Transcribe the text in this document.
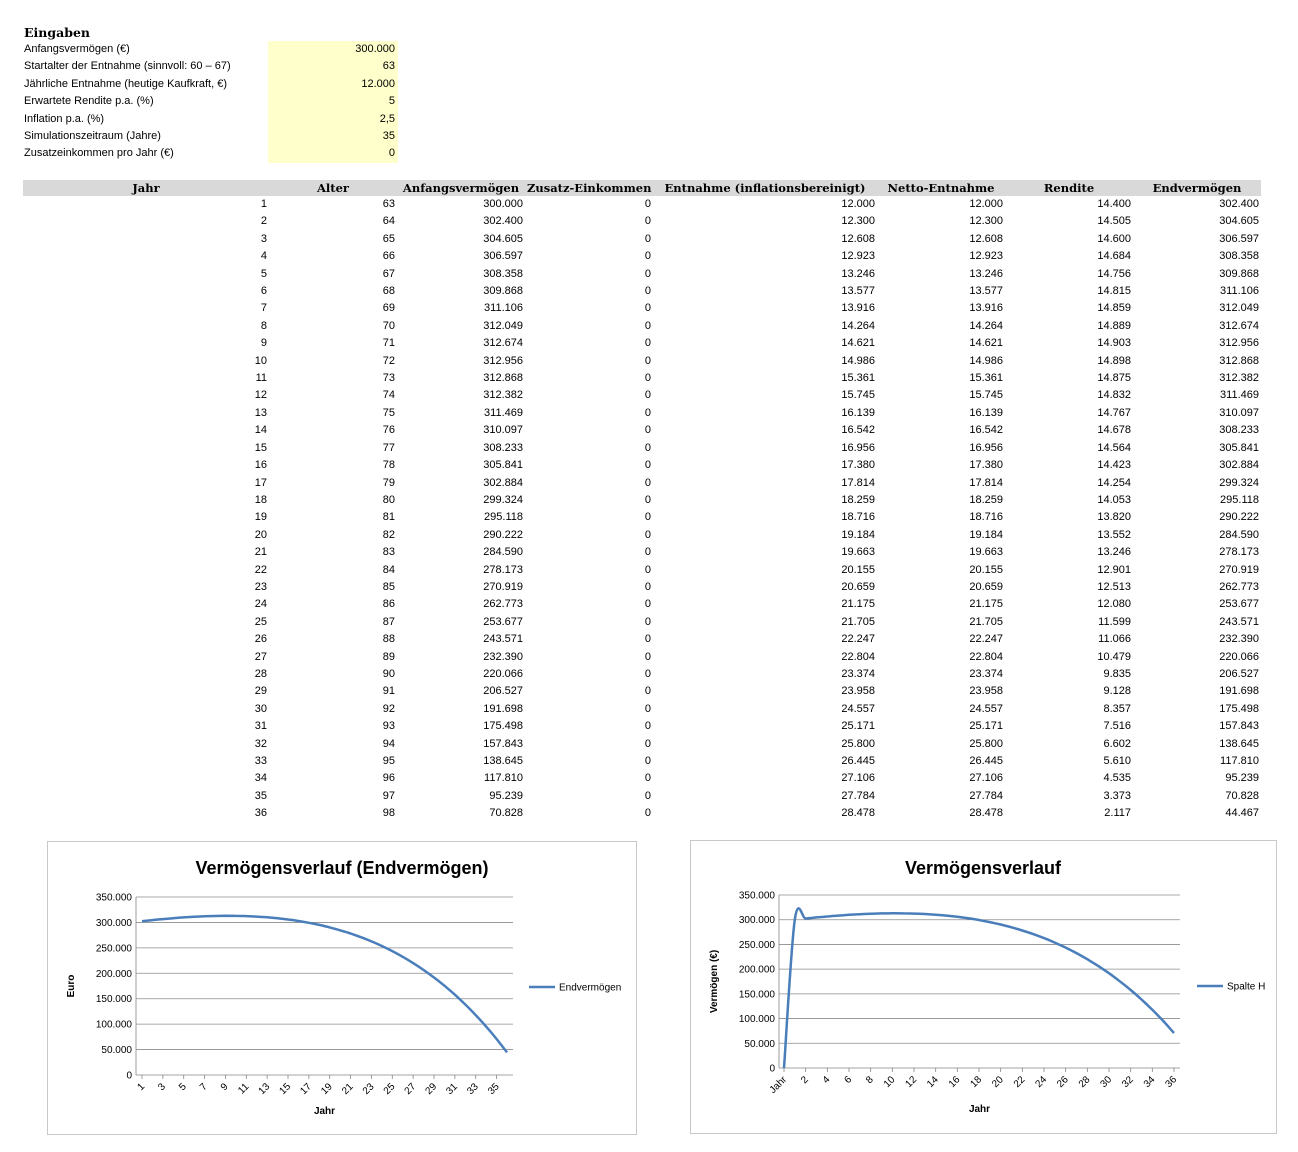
Eingaben
Anfangsvermögen (€)	300.000
Startalter der Entnahme (sinnvoll: 60 – 67)	63
Jährliche Entnahme (heutige Kaufkraft, €)	12.000
Erwartete Rendite p.a. (%)	5
Inflation p.a. (%)	2,5
Simulationszeitraum (Jahre)	35
Zusatzeinkommen pro Jahr (€)	0
Jahr	Alter	Anfangsvermögen	Zusatz-Einkommen	Entnahme (inflationsbereinigt)	Netto-Entnahme	Rendite	Endvermögen
1	63	300.000	0	12.000	12.000	14.400	302.400
2	64	302.400	0	12.300	12.300	14.505	304.605
3	65	304.605	0	12.608	12.608	14.600	306.597
4	66	306.597	0	12.923	12.923	14.684	308.358
5	67	308.358	0	13.246	13.246	14.756	309.868
6	68	309.868	0	13.577	13.577	14.815	311.106
7	69	311.106	0	13.916	13.916	14.859	312.049
8	70	312.049	0	14.264	14.264	14.889	312.674
9	71	312.674	0	14.621	14.621	14.903	312.956
10	72	312.956	0	14.986	14.986	14.898	312.868
11	73	312.868	0	15.361	15.361	14.875	312.382
12	74	312.382	0	15.745	15.745	14.832	311.469
13	75	311.469	0	16.139	16.139	14.767	310.097
14	76	310.097	0	16.542	16.542	14.678	308.233
15	77	308.233	0	16.956	16.956	14.564	305.841
16	78	305.841	0	17.380	17.380	14.423	302.884
17	79	302.884	0	17.814	17.814	14.254	299.324
18	80	299.324	0	18.259	18.259	14.053	295.118
19	81	295.118	0	18.716	18.716	13.820	290.222
20	82	290.222	0	19.184	19.184	13.552	284.590
21	83	284.590	0	19.663	19.663	13.246	278.173
22	84	278.173	0	20.155	20.155	12.901	270.919
23	85	270.919	0	20.659	20.659	12.513	262.773
24	86	262.773	0	21.175	21.175	12.080	253.677
25	87	253.677	0	21.705	21.705	11.599	243.571
26	88	243.571	0	22.247	22.247	11.066	232.390
27	89	232.390	0	22.804	22.804	10.479	220.066
28	90	220.066	0	23.374	23.374	9.835	206.527
29	91	206.527	0	23.958	23.958	9.128	191.698
30	92	191.698	0	24.557	24.557	8.357	175.498
31	93	175.498	0	25.171	25.171	7.516	157.843
32	94	157.843	0	25.800	25.800	6.602	138.645
33	95	138.645	0	26.445	26.445	5.610	117.810
34	96	117.810	0	27.106	27.106	4.535	95.239
35	97	95.239	0	27.784	27.784	3.373	70.828
36	98	70.828	0	28.478	28.478	2.117	44.467
Vermögensverlauf (Endvermögen)
0
50.000
100.000
150.000
200.000
250.000
300.000
350.000
1 3 5 7 9 11 13 15 17 19 21 23 25 27 29 31 33 35
Jahr
Euro	Endvermögen
Vermögensverlauf
0
50.000
100.000
150.000
200.000
250.000
300.000
350.000
Jahr 2 4 6 8 10 12 14 16 18 20 22 24 26 28 30 32 34 36
Jahr
Vermögen (€)	Spalte H
